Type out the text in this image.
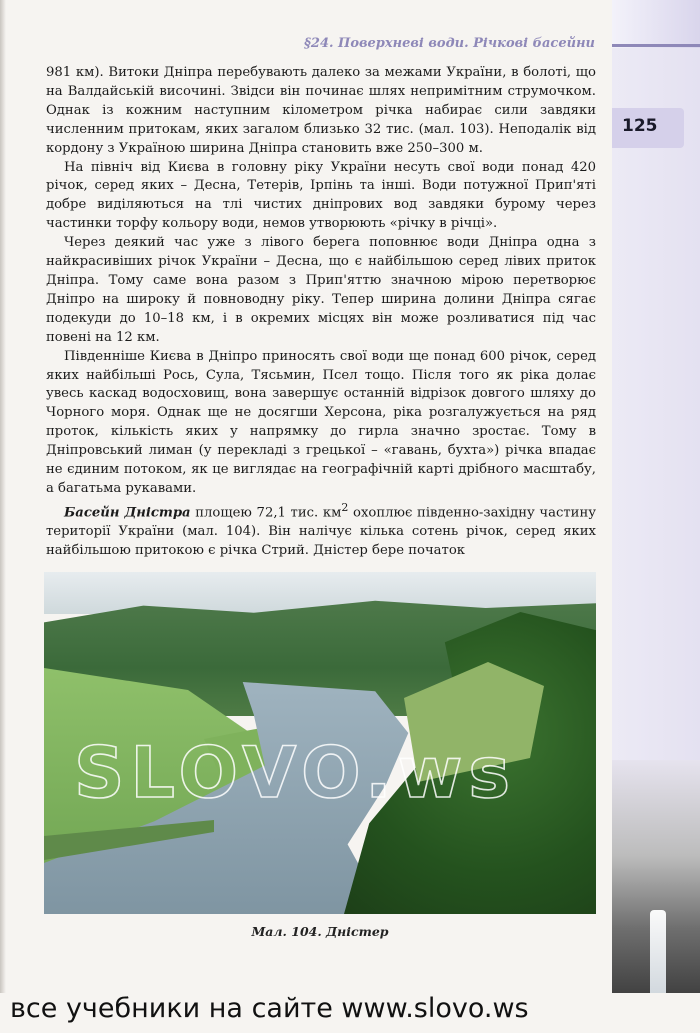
§24. Поверхневі води. Річкові басейни
125

981 км). Витоки Дніпра перебувають далеко за межами України, в болоті, що на Валдайській височині. Звідси він починає шлях непримітним струмочком. Однак із кожним наступним кілометром річка набирає сили завдяки численним притокам, яких загалом близько 32 тис. (мал. 103). Неподалік від кордону з Україною ширина Дніпра становить вже 250–300 м.

На північ від Києва в головну ріку України несуть свої води понад 420 річок, серед яких – Десна, Тетерів, Ірпінь та інші. Води потужної Прип'яті добре виділяються на тлі чистих дніпрових вод завдяки бурому через частинки торфу кольору води, немов утворюють «річку в річці».

Через деякий час уже з лівого берега поповнює води Дніпра одна з найкрасивіших річок України – Десна, що є найбільшою серед лівих приток Дніпра. Тому саме вона разом з Прип'яттю значною мірою перетворює Дніпро на широку й повноводну ріку. Тепер ширина долини Дніпра сягає подекуди до 10–18 км, і в окремих місцях він може розливатися під час повені на 12 км.

Південніше Києва в Дніпро приносять свої води ще понад 600 річок, серед яких найбільші Рось, Сула, Тясьмин, Псел тощо. Після того як ріка долає увесь каскад водосховищ, вона завершує останній відрізок довгого шляху до Чорного моря. Однак ще не досягши Херсона, ріка розгалужується на ряд проток, кількість яких у напрямку до гирла значно зростає. Тому в Дніпровський лиман (у перекладі з грецької – «гавань, бухта») річка впадає не єдиним потоком, як це виглядає на географічній карті дрібного масштабу, а багатьма рукавами.

Басейн Дністра площею 72,1 тис. $км^2$ охоплює південно-західну частину території України (мал. 104). Він налічує кілька сотень річок, серед яких найбільшою притокою є річка Стрий. Дністер бере початок

SLOVO.ws
Мал. 104. Дністер
все учебники на сайте www.slovo.ws
